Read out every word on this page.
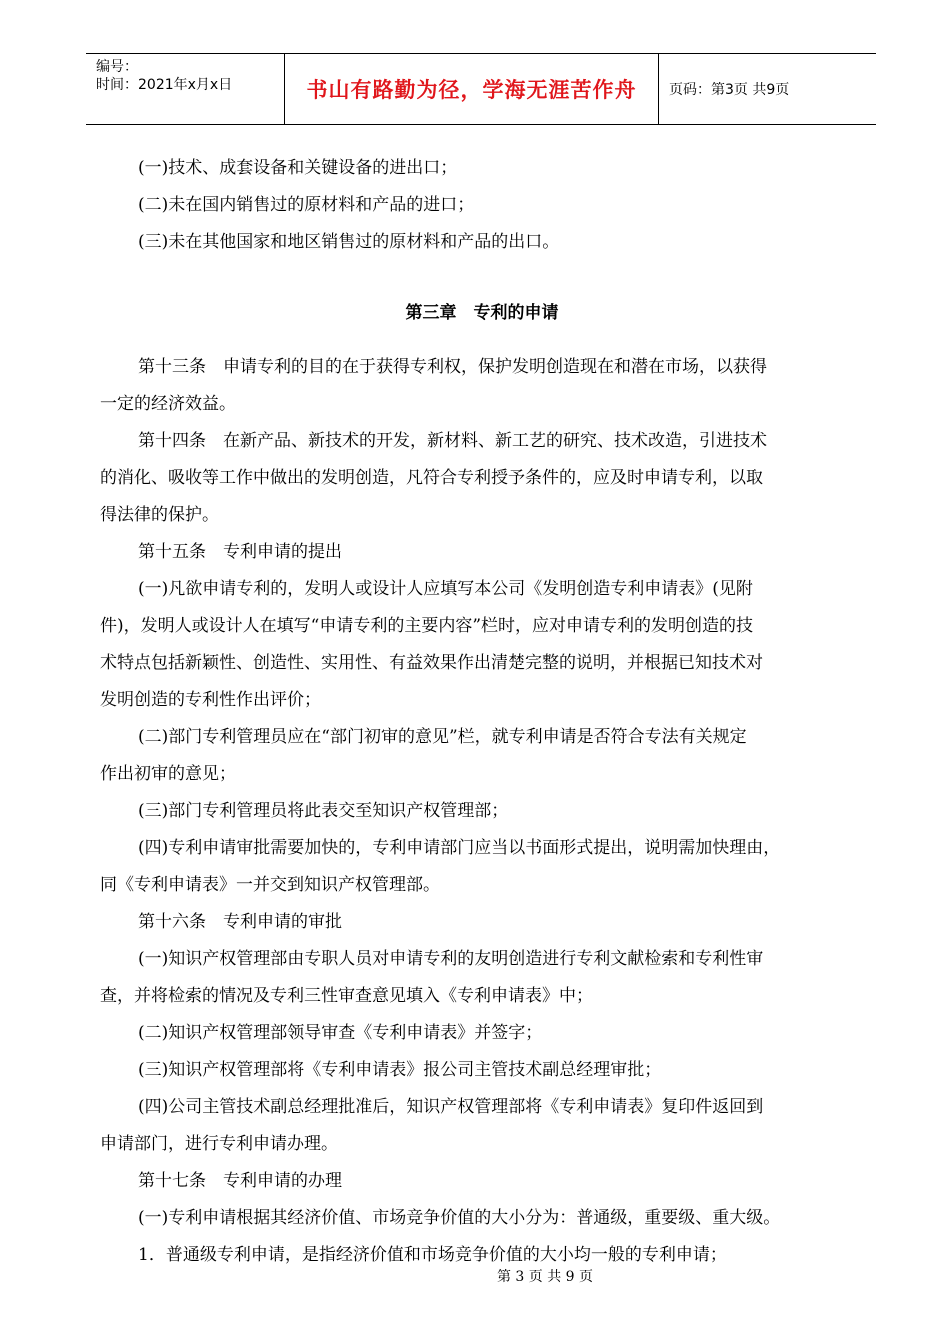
编号：
时间：2021年x月x日	书山有路勤为径，学海无涯苦作舟	页码：第3页 共9页

(一)技术、成套设备和关键设备的进出口；

(二)未在国内销售过的原材料和产品的进口；

(三)未在其他国家和地区销售过的原材料和产品的出口。

第三章　专利的申请

第十三条　申请专利的目的在于获得专利权，保护发明创造现在和潜在市场，以获得

一定的经济效益。

第十四条　在新产品、新技术的开发，新材料、新工艺的研究、技术改造，引进技术

的消化、吸收等工作中做出的发明创造，凡符合专利授予条件的，应及时申请专利，以取

得法律的保护。

第十五条　专利申请的提出

(一)凡欲申请专利的，发明人或设计人应填写本公司《发明创造专利申请表》(见附

件)，发明人或设计人在填写“申请专利的主要内容”栏时，应对申请专利的发明创造的技

术特点包括新颖性、创造性、实用性、有益效果作出清楚完整的说明，并根据已知技术对

发明创造的专利性作出评价；

(二)部门专利管理员应在“部门初审的意见”栏，就专利申请是否符合专法有关规定

作出初审的意见；

(三)部门专利管理员将此表交至知识产权管理部；

(四)专利申请审批需要加快的，专利申请部门应当以书面形式提出，说明需加快理由，

同《专利申请表》一并交到知识产权管理部。

第十六条　专利申请的审批

(一)知识产权管理部由专职人员对申请专利的友明创造进行专利文献检索和专利性审

查，并将检索的情况及专利三性审查意见填入《专利申请表》中；

(二)知识产权管理部领导审查《专利申请表》并签字；

(三)知识产权管理部将《专利申请表》报公司主管技术副总经理审批；

(四)公司主管技术副总经理批准后，知识产权管理部将《专利申请表》复印件返回到

申请部门，进行专利申请办理。

第十七条　专利申请的办理

(一)专利申请根据其经济价值、市场竞争价值的大小分为：普通级，重要级、重大级。

1．普通级专利申请，是指经济价值和市场竞争价值的大小均一般的专利申请；

第 3 页 共 9 页
